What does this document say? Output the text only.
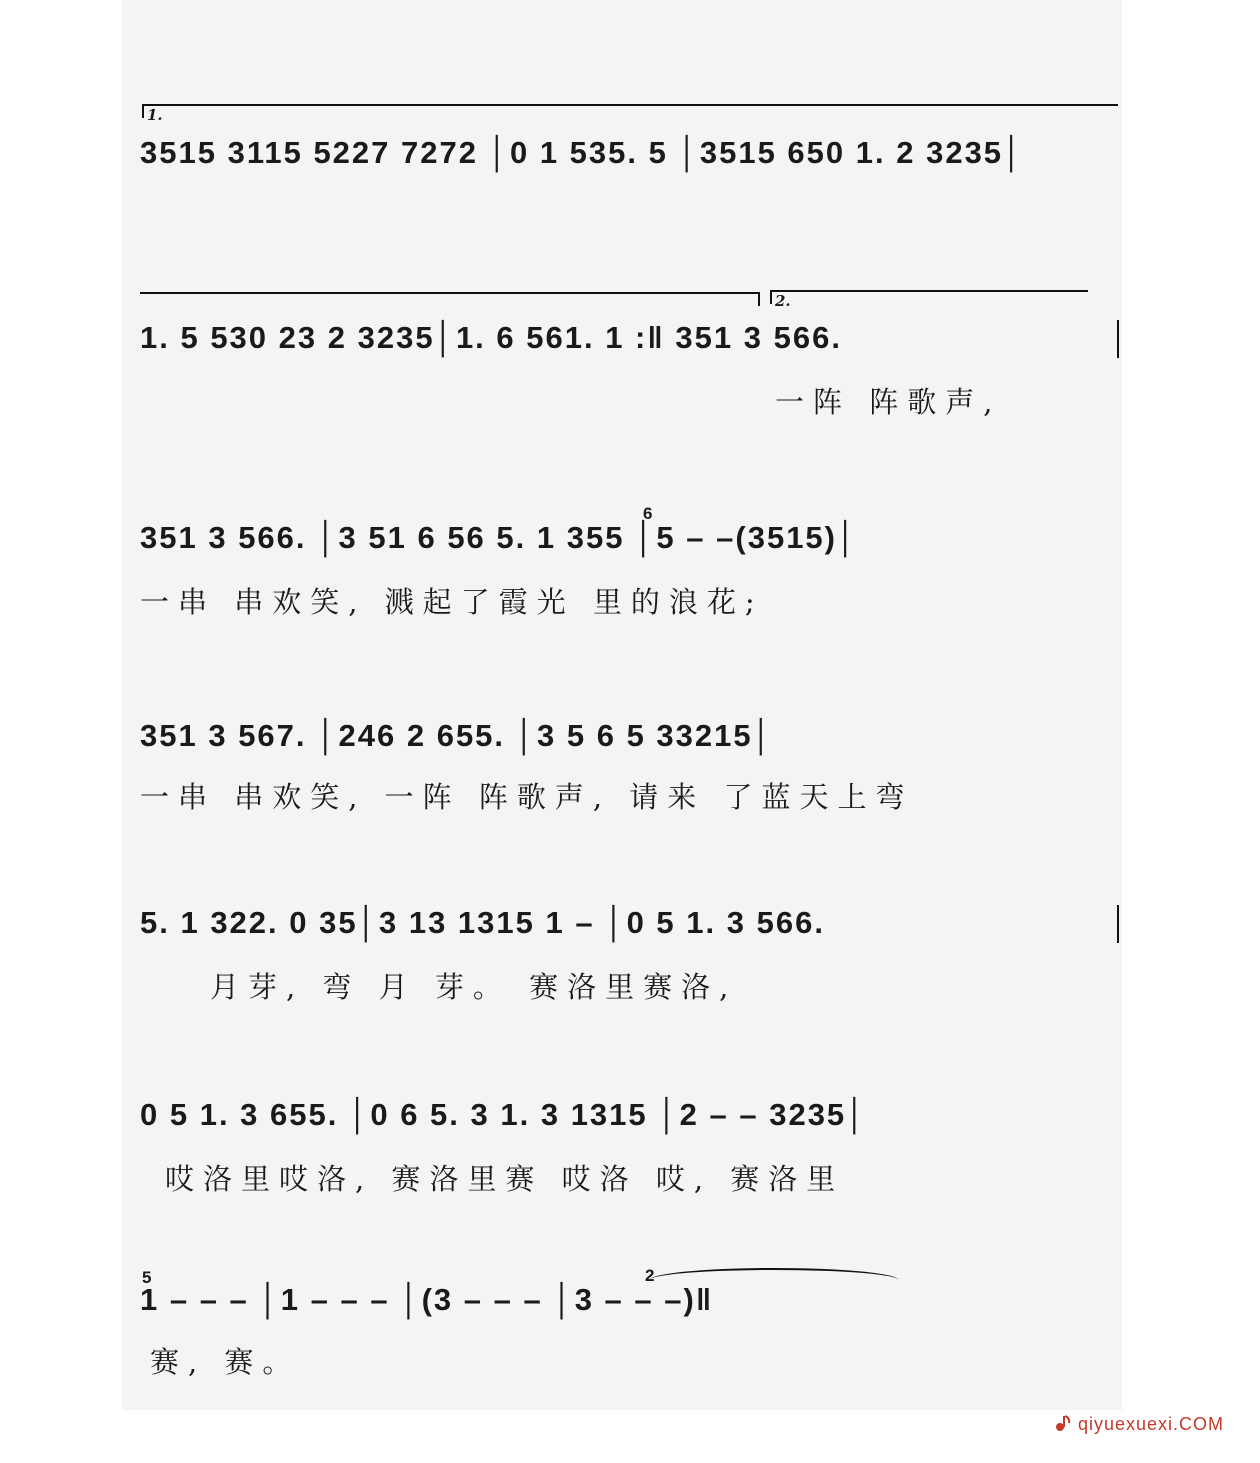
1.
3515 3115 5227 7272 │0 1 535. 5 │3515 650 1. 2 3235│
2.
1. 5 530 23 2 3235│1. 6 561. 1 :‖ 351 3 566.
一阵 阵歌声,
6
351 3 566. │3 51 6 56 5. 1 355 │5 – –(3515)│
一串 串欢笑, 溅起了霞光 里的浪花;
351 3 567. │246 2 655. │3 5 6 5 33215│
一串 串欢笑, 一阵 阵歌声, 请来 了蓝天上弯
5. 1 322. 0 35│3 13 1315 1 – │0 5 1. 3 566.
月芽, 弯 月 芽。 赛洛里赛洛,
0 5 1. 3 655. │0 6 5. 3 1. 3 1315 │2 – – 3235│
哎洛里哎洛, 赛洛里赛 哎洛 哎, 赛洛里
5	2
1 – – – │1 – – – │(3 – – – │3 – – –)‖
赛, 赛。
qiyuexuexi.COM
